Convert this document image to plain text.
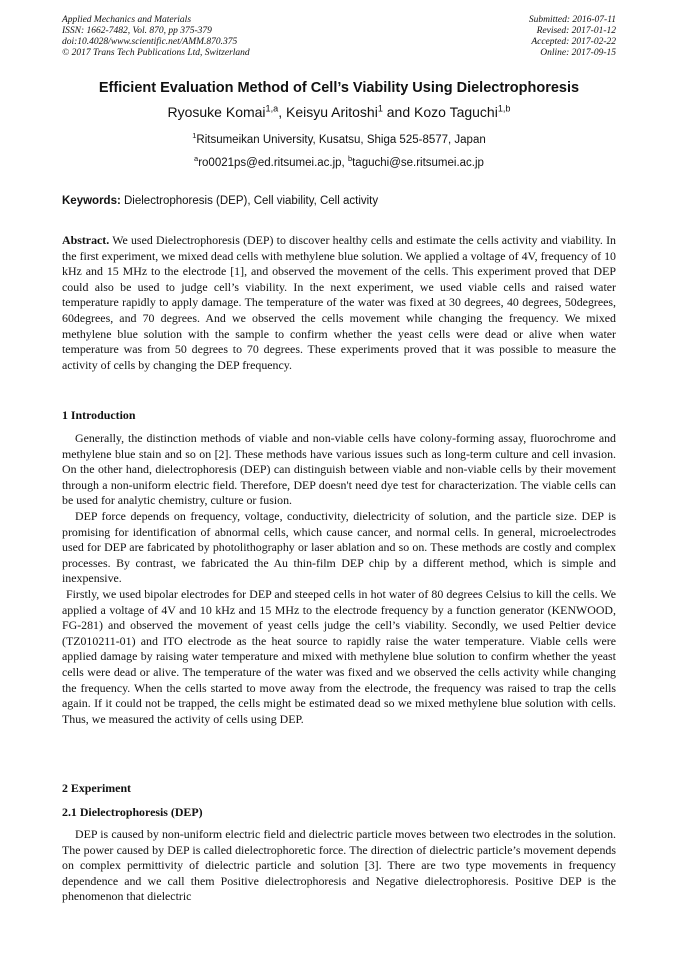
Applied Mechanics and Materials
ISSN: 1662-7482, Vol. 870, pp 375-379
doi:10.4028/www.scientific.net/AMM.870.375
© 2017 Trans Tech Publications Ltd, Switzerland
Submitted: 2016-07-11
Revised: 2017-01-12
Accepted: 2017-02-22
Online: 2017-09-15
Efficient Evaluation Method of Cell’s Viability Using Dielectrophoresis
Ryosuke Komai$^{1,a}$, Keisyu Aritoshi$^1$ and Kozo Taguchi$^{1,b}$
$^1$Ritsumeikan University, Kusatsu, Shiga 525-8577, Japan
$^a$ro0021ps@ed.ritsumei.ac.jp, $^b$taguchi@se.ritsumei.ac.jp
Keywords: Dielectrophoresis (DEP), Cell viability, Cell activity

Abstract. We used Dielectrophoresis (DEP) to discover healthy cells and estimate the cells activity and viability. In the first experiment, we mixed dead cells with methylene blue solution. We applied a voltage of 4V, frequency of 10 kHz and 15 MHz to the electrode [1], and observed the movement of the cells. This experiment proved that DEP could also be used to judge cell’s viability. In the next experiment, we used viable cells and raised water temperature rapidly to apply damage. The temperature of the water was fixed at 30 degrees, 40 degrees, 50degrees, 60degrees, and 70 degrees. And we observed the cells movement while changing the frequency. We mixed methylene blue solution with the sample to confirm whether the yeast cells were dead or alive when water temperature was from 50 degrees to 70 degrees. These experiments proved that it was possible to measure the activity of cells by changing the DEP frequency.

1 Introduction

Generally, the distinction methods of viable and non-viable cells have colony-forming assay, fluorochrome and methylene blue stain and so on [2]. These methods have various issues such as long-term culture and cell invasion. On the other hand, dielectrophoresis (DEP) can distinguish between viable and non-viable cells by their movement through a non-uniform electric field. Therefore, DEP doesn't need dye test for characterization. The viable cells can be used for analytic chemistry, culture or fusion.

DEP force depends on frequency, voltage, conductivity, dielectricity of solution, and the particle size. DEP is promising for identification of abnormal cells, which cause cancer, and normal cells. In general, microelectrodes used for DEP are fabricated by photolithography or laser ablation and so on. These methods are costly and complex processes. By contrast, we fabricated the Au thin-film DEP chip by a different method, which is simple and inexpensive.

Firstly, we used bipolar electrodes for DEP and steeped cells in hot water of 80 degrees Celsius to kill the cells. We applied a voltage of 4V and 10 kHz and 15 MHz to the electrode frequency by a function generator (KENWOOD, FG-281) and observed the movement of yeast cells judge the cell’s viability. Secondly, we used Peltier device (TZ010211-01) and ITO electrode as the heat source to rapidly raise the water temperature. Viable cells were applied damage by raising water temperature and mixed with methylene blue solution to confirm whether the yeast cells were dead or alive. The temperature of the water was fixed and we observed the cells activity while changing the frequency. When the cells started to move away from the electrode, the frequency was raised to trap the cells again. If it could not be trapped, the cells might be estimated dead so we mixed methylene blue solution with cells. Thus, we measured the activity of cells using DEP.

2 Experiment
2.1 Dielectrophoresis (DEP)

DEP is caused by non-uniform electric field and dielectric particle moves between two electrodes in the solution. The power caused by DEP is called dielectrophoretic force. The direction of dielectric particle’s movement depends on complex permittivity of dielectric particle and solution [3]. There are two type movements in frequency dependence and we call them Positive dielectrophoresis and Negative dielectrophoresis. Positive DEP is the phenomenon that dielectric
